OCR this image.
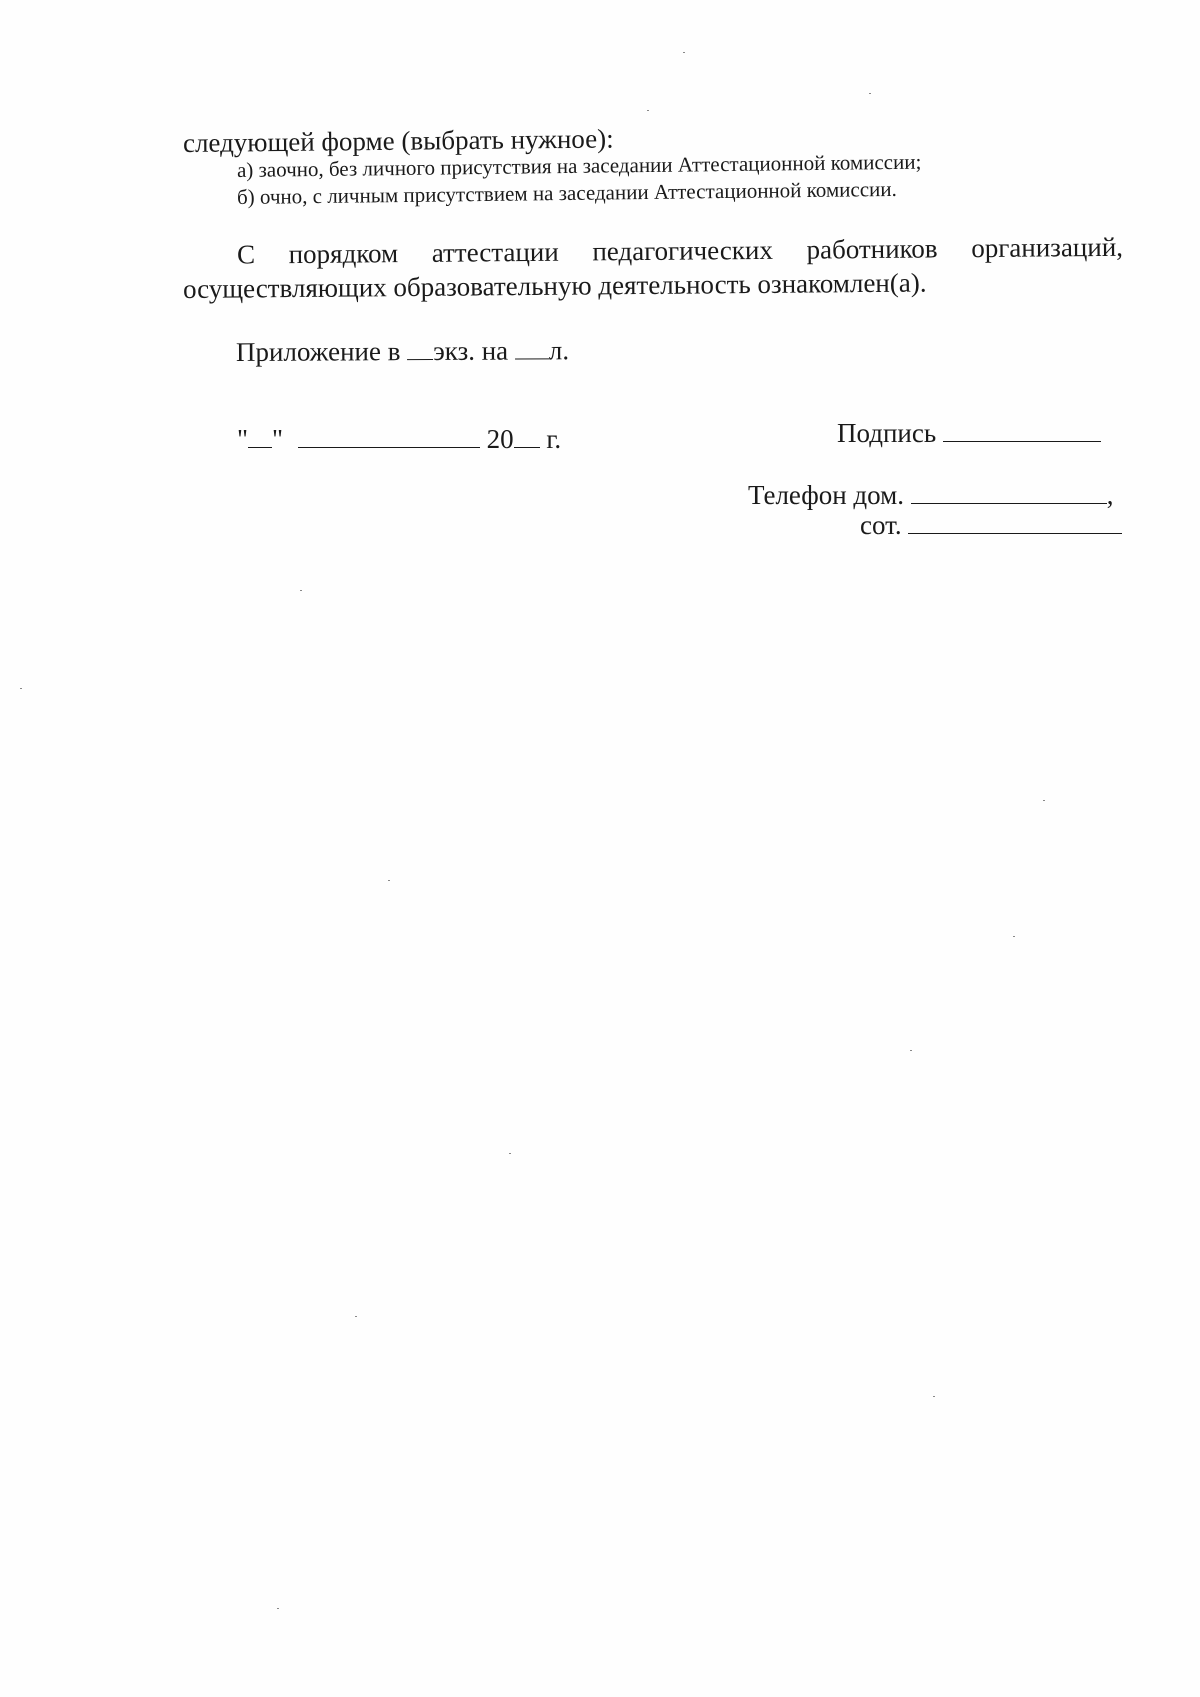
следующей форме (выбрать нужное):
а) заочно, без личного присутствия на заседании Аттестационной комиссии;
б) очно, с личным присутствием на заседании Аттестационной комиссии.
С порядком аттестации педагогических работников организаций,
осуществляющих образовательную деятельность ознакомлен(а).
Приложение в экз. на л.
" "	20 г.	Подпись
Телефон дом.	,
сот.
